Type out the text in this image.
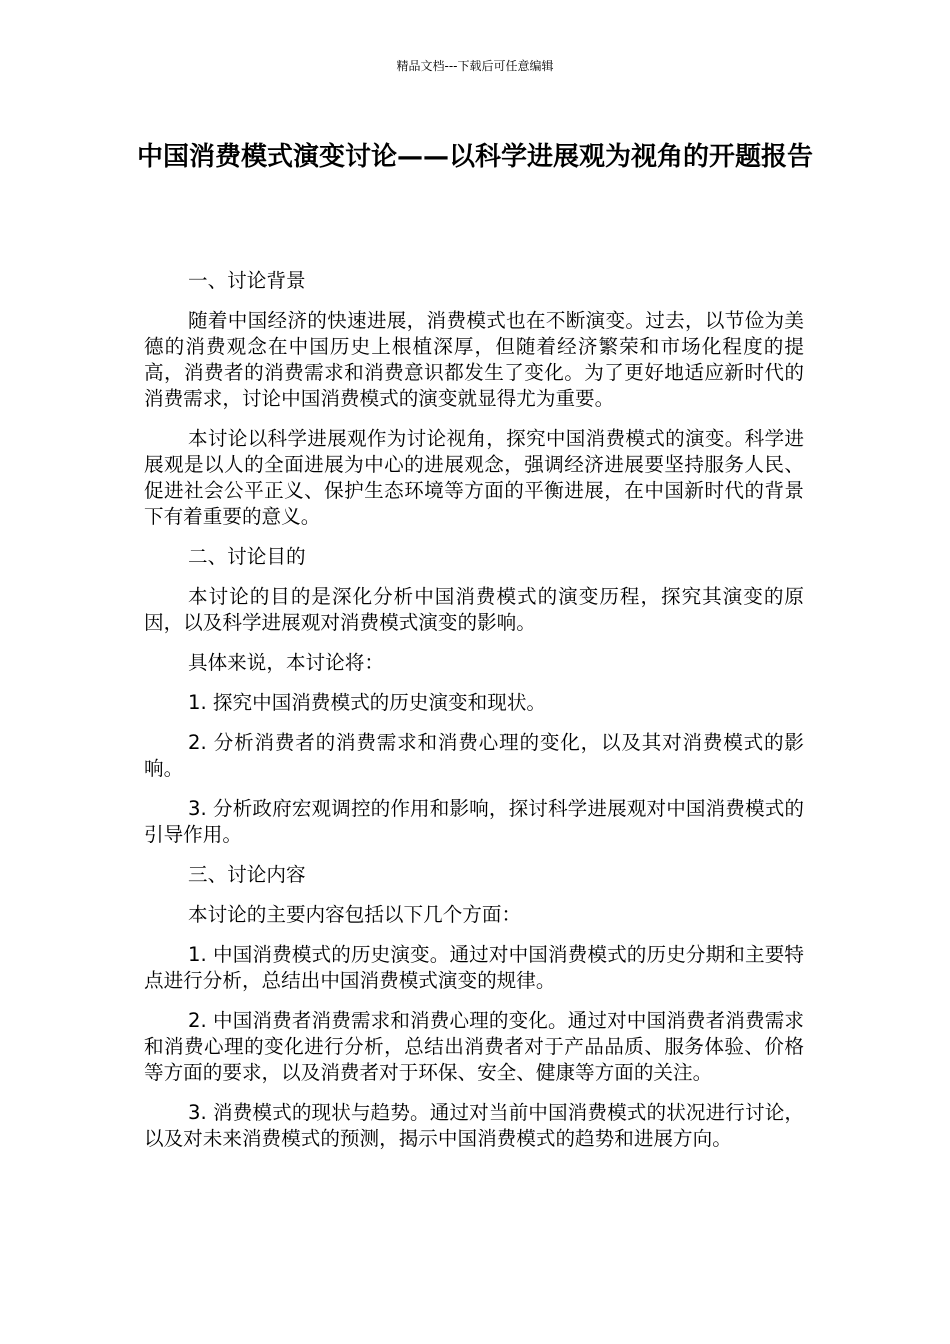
精品文档---下载后可任意编辑
中国消费模式演变讨论——以科学进展观为视角的开题报告

一、讨论背景

随着中国经济的快速进展，消费模式也在不断演变。过去，以节俭为美德的消费观念在中国历史上根植深厚，但随着经济繁荣和市场化程度的提高，消费者的消费需求和消费意识都发生了变化。为了更好地适应新时代的消费需求，讨论中国消费模式的演变就显得尤为重要。

本讨论以科学进展观作为讨论视角，探究中国消费模式的演变。科学进展观是以人的全面进展为中心的进展观念，强调经济进展要坚持服务人民、促进社会公平正义、保护生态环境等方面的平衡进展，在中国新时代的背景下有着重要的意义。

二、讨论目的

本讨论的目的是深化分析中国消费模式的演变历程，探究其演变的原因，以及科学进展观对消费模式演变的影响。

具体来说，本讨论将：

1. 探究中国消费模式的历史演变和现状。

2. 分析消费者的消费需求和消费心理的变化，以及其对消费模式的影响。

3. 分析政府宏观调控的作用和影响，探讨科学进展观对中国消费模式的引导作用。

三、讨论内容

本讨论的主要内容包括以下几个方面：

1. 中国消费模式的历史演变。通过对中国消费模式的历史分期和主要特点进行分析，总结出中国消费模式演变的规律。

2. 中国消费者消费需求和消费心理的变化。通过对中国消费者消费需求和消费心理的变化进行分析，总结出消费者对于产品品质、服务体验、价格等方面的要求，以及消费者对于环保、安全、健康等方面的关注。

3. 消费模式的现状与趋势。通过对当前中国消费模式的状况进行讨论，以及对未来消费模式的预测，揭示中国消费模式的趋势和进展方向。
